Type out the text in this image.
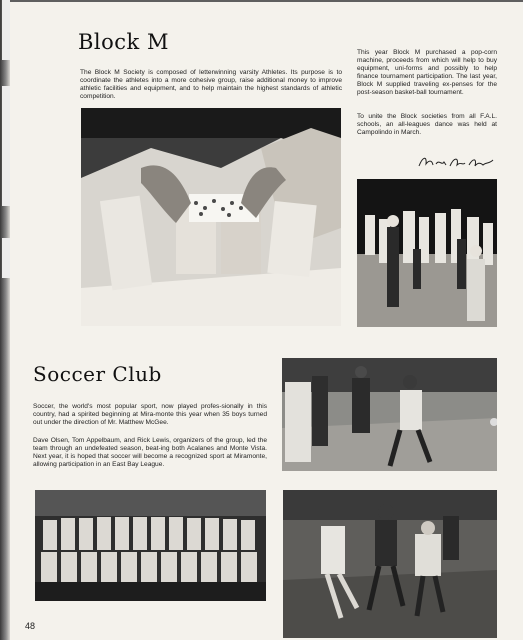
Block M

The Block M Society is composed of letterwinning varsity Athletes. Its purpose is to coordinate the athletes into a more cohesive group, raise additional money to improve athletic facilities and equipment, and to help maintain the highest standards of athletic competition.

This year Block M purchased a pop-corn machine, proceeds from which will help to buy equipment, uni-forms and possibly to help finance tournament participation. The last year, Block M supplied traveling ex-penses for the post-season basket-ball tournament.

To unite the Block societies from all F.A.L. schools, an all-leagues dance was held at Campolindo in March.

Soccer Club

Soccer, the world's most popular sport, now played profes-sionally in this country, had a spirited beginning at Mira-monte this year when 35 boys turned out under the direction of Mr. Matthew McGee.

Dave Olsen, Tom Appelbaum, and Rick Lewis, organizers of the group, led the team through an undefeated season, beat-ing both Acalanes and Monte Vista. Next year, it is hoped that soccer will become a recognized sport at Miramonte, allowing participation in an East Bay League.

48
